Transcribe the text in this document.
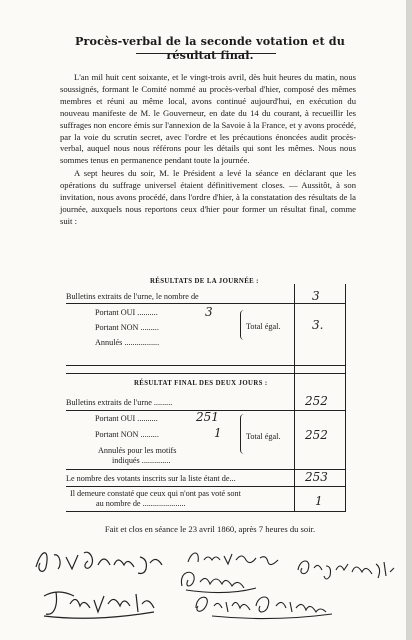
Procès-verbal de la seconde votation et du résultat final.

L'an mil huit cent soixante, et le vingt-trois avril, dès huit heures du matin, nous soussignés, formant le Comité nommé au procès-verbal d'hier, composé des mêmes membres et réuni au même local, avons continué aujourd'hui, en exécution du nouveau manifeste de M. le Gouverneur, en date du 14 du courant, à recueillir les suffrages non encore émis sur l'annexion de la Savoie à la France, et y avons procédé, par la voie du scrutin secret, avec l'ordre et les précautions énoncées audit procès-verbal, auquel nous nous référons pour les détails qui sont les mêmes. Nous nous sommes tenus en permanence pendant toute la journée.

A sept heures du soir, M. le Président a levé la séance en déclarant que les opérations du suffrage universel étaient définitivement closes. — Aussitôt, à son invitation, nous avons procédé, dans l'ordre d'hier, à la constatation des résultats de la journée, auxquels nous reportons ceux d'hier pour former un résultat final, comme suit :

RÉSULTATS DE LA JOURNÉE :
Bulletins extraits de l'urne, le nombre de	3
Portant OUI ..........	3
Portant NON .........	Total égal.	3.
Annulés .................
RÉSULTAT FINAL DES DEUX JOURS :
Bulletins extraits de l'urne .........	252
Portant OUI ..........	251
Portant NON .........	1	Total égal. 252
Annulés pour les motifs
indiqués ..............
Le nombre des votants inscrits sur la liste étant de...	253
Il demeure constaté que ceux qui n'ont pas voté sont
au nombre de .....................	1
Fait et clos en séance le 23 avril 1860, après 7 heures du soir.
